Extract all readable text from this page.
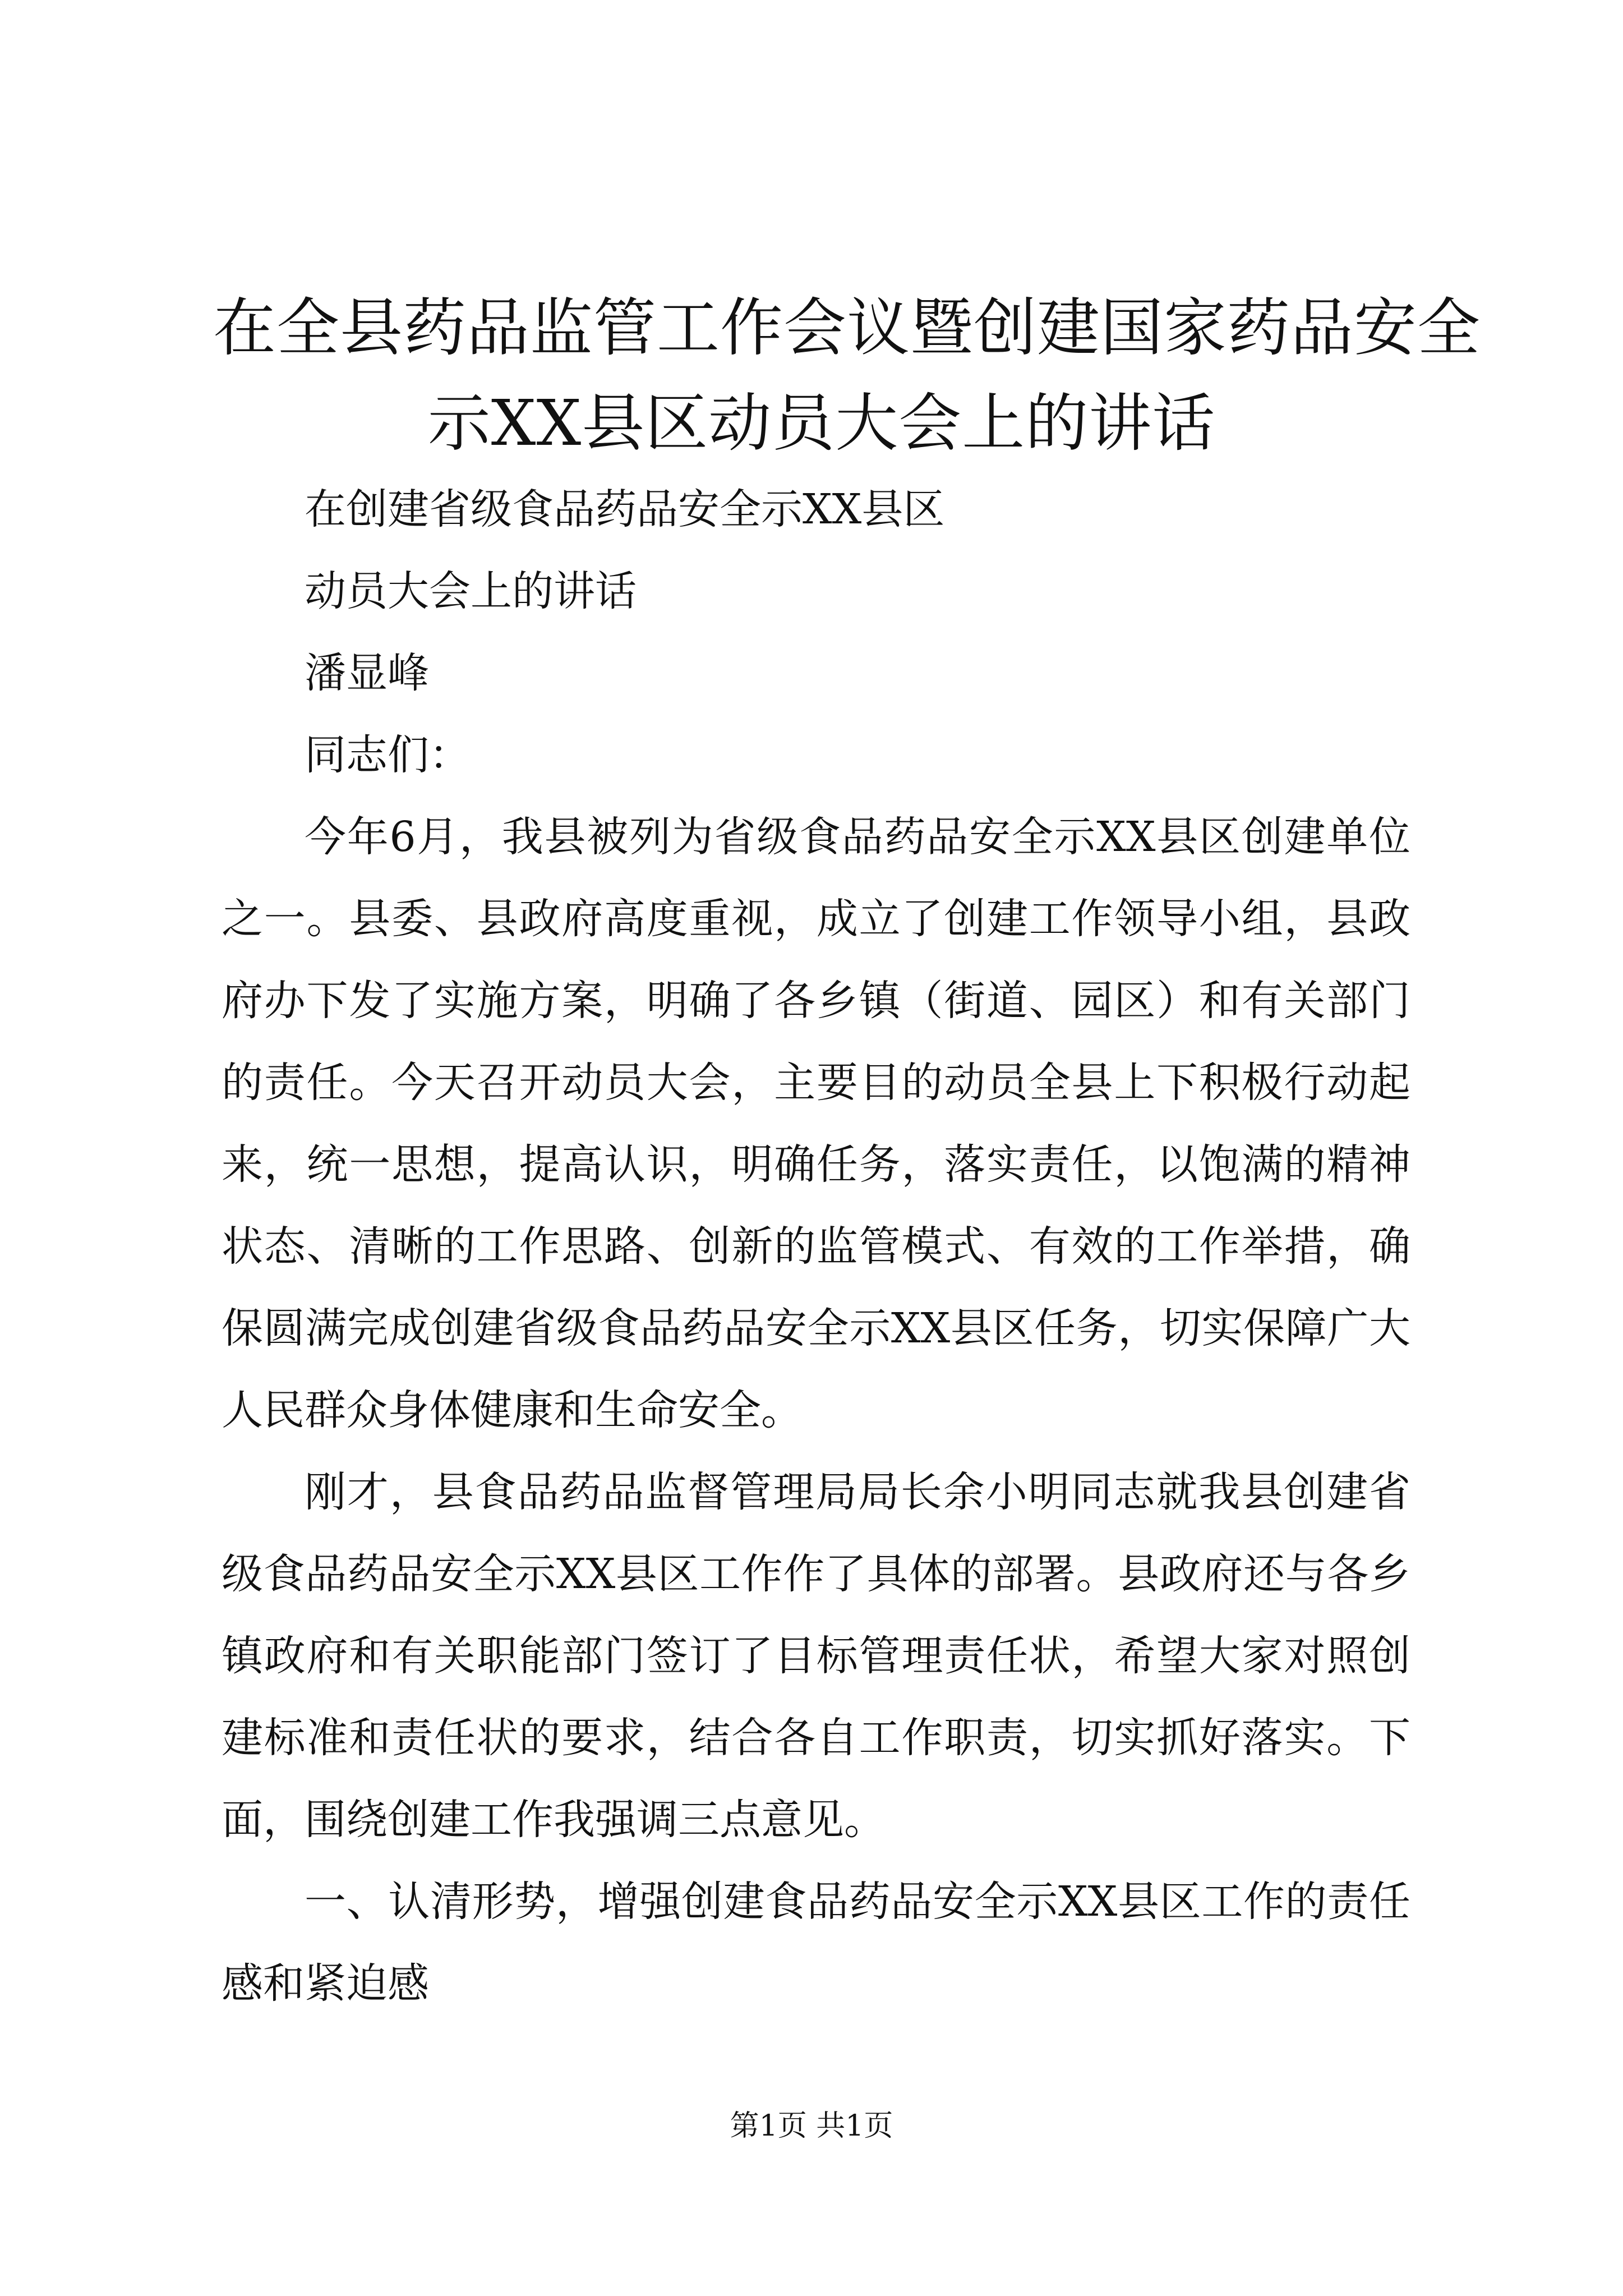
在全县药品监管工作会议暨创建国家药品安全
示XX县区动员大会上的讲话

在创建省级食品药品安全示XX县区

动员大会上的讲话

潘显峰

同志们：

今年6月，我县被列为省级食品药品安全示XX县区创建单位之一。县委、县政府高度重视，成立了创建工作领导小组，县政府办下发了实施方案，明确了各乡镇（街道、园区）和有关部门的责任。今天召开动员大会，主要目的动员全县上下积极行动起来，统一思想，提高认识，明确任务，落实责任，以饱满的精神状态、清晰的工作思路、创新的监管模式、有效的工作举措，确保圆满完成创建省级食品药品安全示XX县区任务，切实保障广大人民群众身体健康和生命安全。

刚才，县食品药品监督管理局局长余小明同志就我县创建省级食品药品安全示XX县区工作作了具体的部署。县政府还与各乡镇政府和有关职能部门签订了目标管理责任状，希望大家对照创建标准和责任状的要求，结合各自工作职责，切实抓好落实。下面，围绕创建工作我强调三点意见。

一、认清形势，增强创建食品药品安全示XX县区工作的责任感和紧迫感

第1页 共1页
